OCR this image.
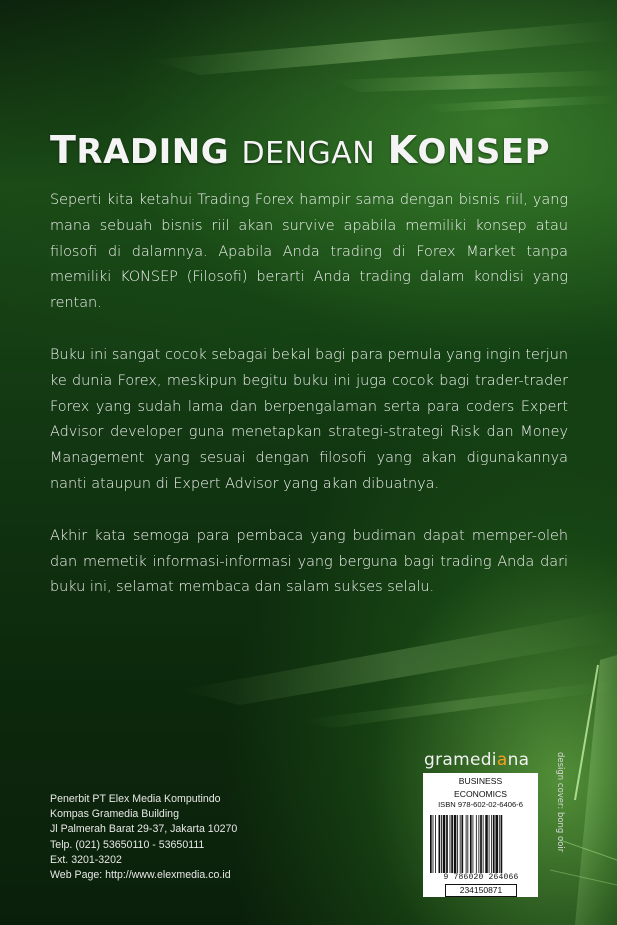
TRADING DENGAN KONSEP

Seperti kita ketahui Trading Forex hampir sama dengan bisnis riil, yang mana sebuah bisnis riil akan survive apabila memiliki konsep atau filosofi di dalamnya. Apabila Anda trading di Forex Market tanpa memiliki KONSEP (Filosofi) berarti Anda trading dalam kondisi yang rentan.

Buku ini sangat cocok sebagai bekal bagi para pemula yang ingin terjun ke dunia Forex, meskipun begitu buku ini juga cocok bagi trader-trader Forex yang sudah lama dan berpengalaman serta para coders Expert Advisor developer guna menetapkan strategi-strategi Risk dan Money Management yang sesuai dengan filosofi yang akan digunakannya nanti ataupun di Expert Advisor yang akan dibuatnya.

Akhir kata semoga para pembaca yang budiman dapat memper-oleh dan memetik informasi-informasi yang berguna bagi trading Anda dari buku ini, selamat membaca dan salam sukses selalu.

Penerbit PT Elex Media Komputindo
Kompas Gramedia Building
Jl Palmerah Barat 29-37, Jakarta 10270
Telp. (021) 53650110 - 53650111
Ext. 3201-3202
Web Page: http://www.elexmedia.co.id
gramediana
BUSINESS
ECONOMICS
ISBN 978-602-02-6406-6
9 786020 264066
234150871
design cover: bong ooir
